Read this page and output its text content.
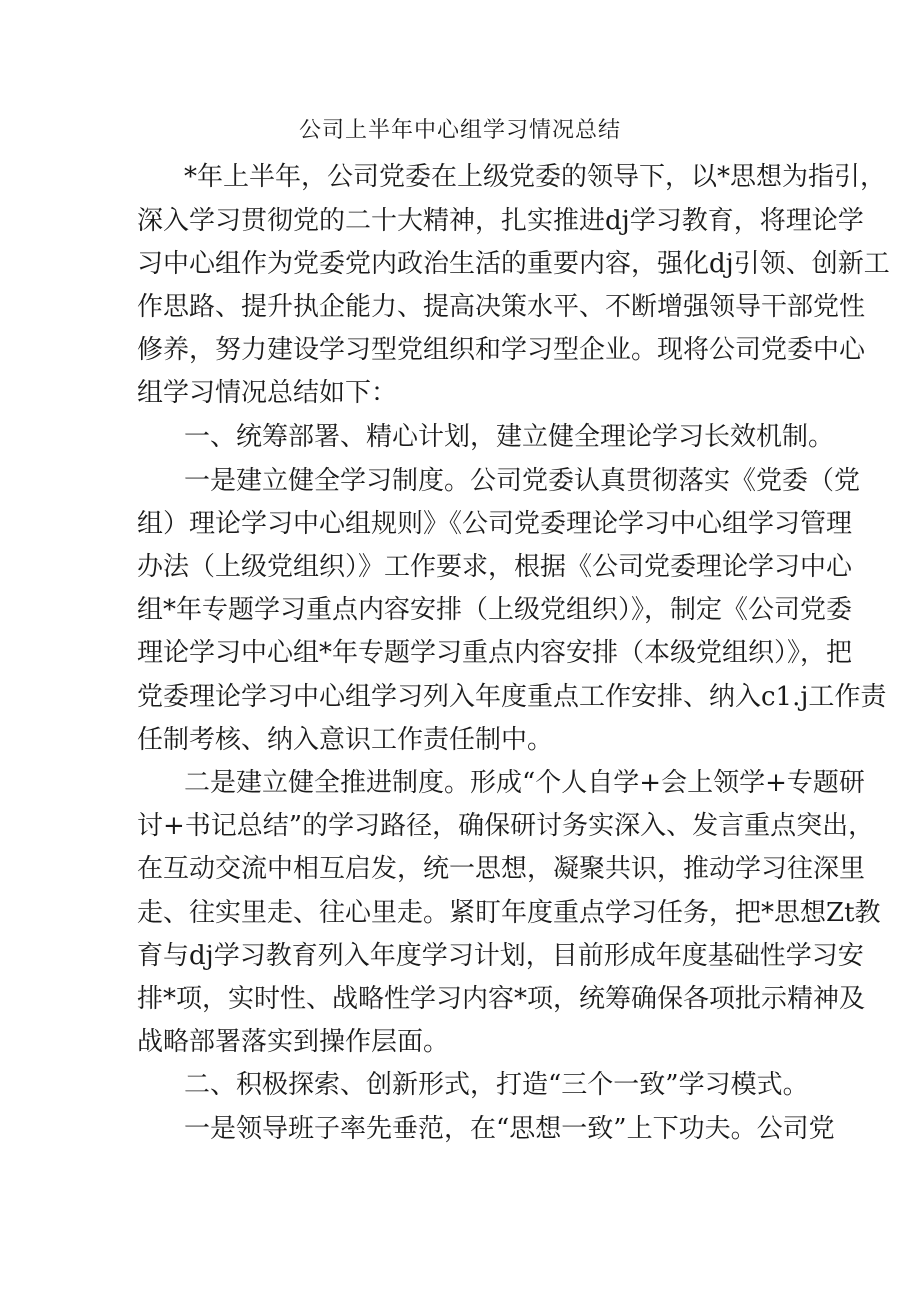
公司上半年中心组学习情况总结
*年上半年，公司党委在上级党委的领导下，以*思想为指引，
深入学习贯彻党的二十大精神，扎实推进dj学习教育，将理论学
习中心组作为党委党内政治生活的重要内容，强化dj引领、创新工
作思路、提升执企能力、提高决策水平、不断增强领导干部党性
修养，努力建设学习型党组织和学习型企业。现将公司党委中心
组学习情况总结如下：
一、统筹部署、精心计划，建立健全理论学习长效机制。
一是建立健全学习制度。公司党委认真贯彻落实《党委（党
组）理论学习中心组规则》《公司党委理论学习中心组学习管理
办法（上级党组织）》工作要求，根据《公司党委理论学习中心
组*年专题学习重点内容安排（上级党组织）》，制定《公司党委
理论学习中心组*年专题学习重点内容安排（本级党组织）》，把
党委理论学习中心组学习列入年度重点工作安排、纳入c1.j工作责
任制考核、纳入意识工作责任制中。
二是建立健全推进制度。形成“个人自学+会上领学+专题研
讨+书记总结”的学习路径，确保研讨务实深入、发言重点突出，
在互动交流中相互启发，统一思想，凝聚共识，推动学习往深里
走、往实里走、往心里走。紧盯年度重点学习任务，把*思想Zt教
育与dj学习教育列入年度学习计划，目前形成年度基础性学习安
排*项，实时性、战略性学习内容*项，统筹确保各项批示精神及
战略部署落实到操作层面。
二、积极探索、创新形式，打造“三个一致”学习模式。
一是领导班子率先垂范，在“思想一致”上下功夫。公司党
